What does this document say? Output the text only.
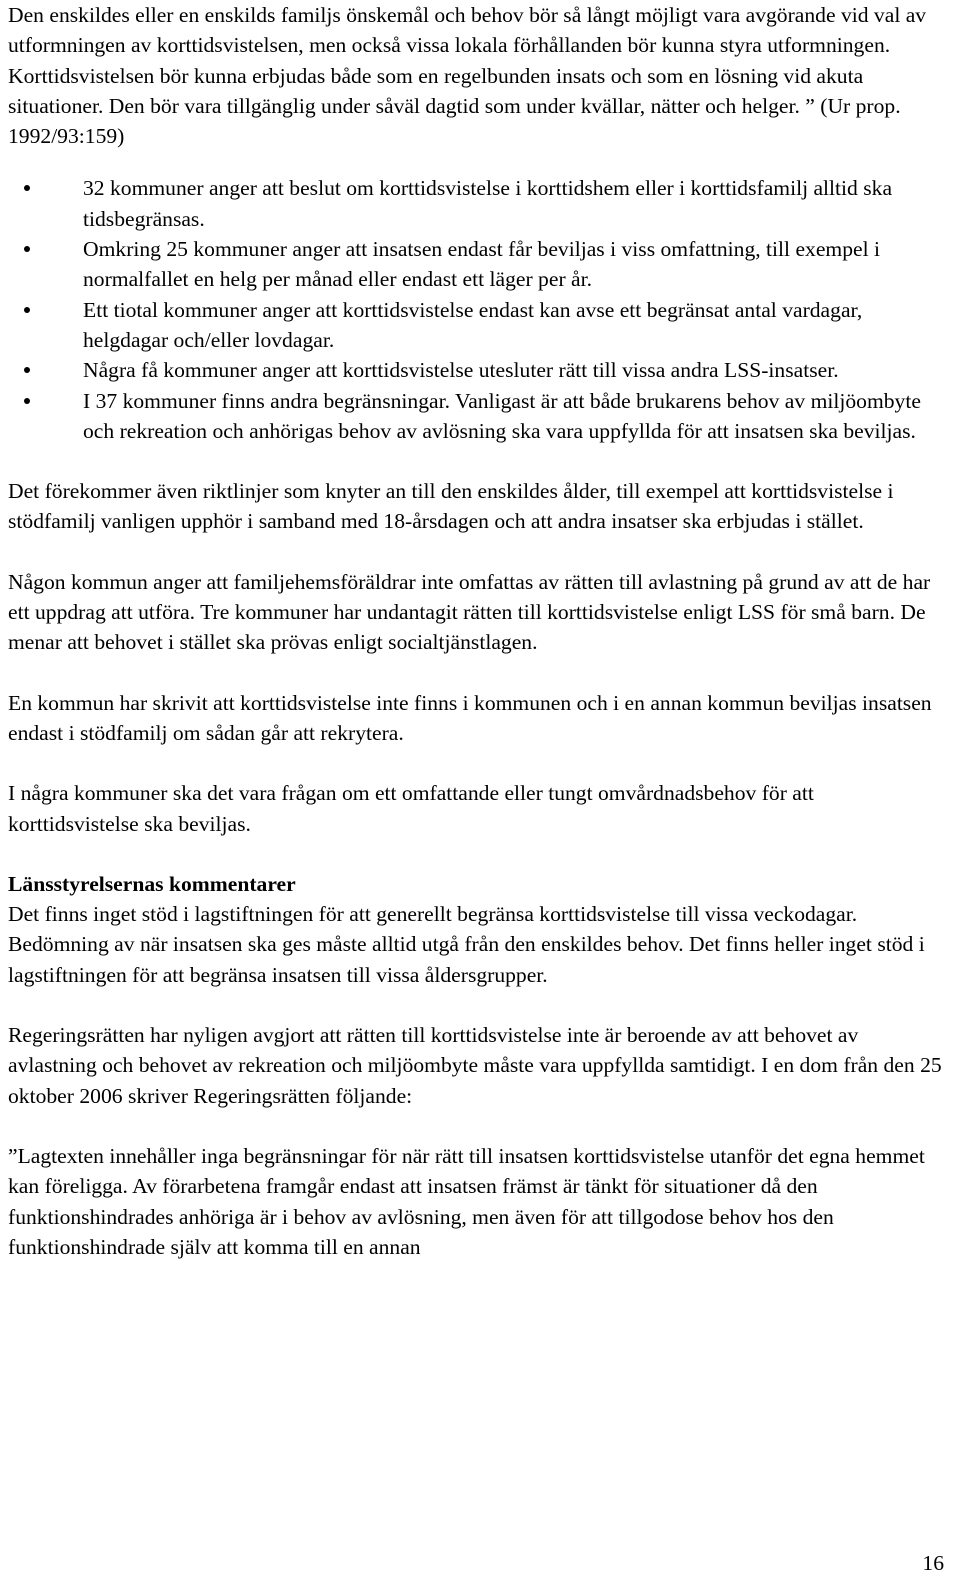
Den enskildes eller en enskilds familjs önskemål och behov bör så långt möjligt vara avgörande vid val av utformningen av korttidsvistelsen, men också vissa lokala förhållanden bör kunna styra utformningen. Korttidsvistelsen bör kunna erbjudas både som en regelbunden insats och som en lösning vid akuta situationer. Den bör vara tillgänglig under såväl dagtid som under kvällar, nätter och helger. ” (Ur prop. 1992/93:159)

32 kommuner anger att beslut om korttidsvistelse i korttidshem eller i korttidsfamilj alltid ska tidsbegränsas.
Omkring 25 kommuner anger att insatsen endast får beviljas i viss omfattning, till exempel i normalfallet en helg per månad eller endast ett läger per år.
Ett tiotal kommuner anger att korttidsvistelse endast kan avse ett begränsat antal vardagar, helgdagar och/eller lovdagar.
Några få kommuner anger att korttidsvistelse utesluter rätt till vissa andra LSS-insatser.
I 37 kommuner finns andra begränsningar. Vanligast är att både brukarens behov av miljöombyte och rekreation och anhörigas behov av avlösning ska vara uppfyllda för att insatsen ska beviljas.

Det förekommer även riktlinjer som knyter an till den enskildes ålder, till exempel att korttidsvistelse i stödfamilj vanligen upphör i samband med 18-årsdagen och att andra insatser ska erbjudas i stället.

Någon kommun anger att familjehemsföräldrar inte omfattas av rätten till avlastning på grund av att de har ett uppdrag att utföra. Tre kommuner har undantagit rätten till korttidsvistelse enligt LSS för små barn. De menar att behovet i stället ska prövas enligt socialtjänstlagen.

En kommun har skrivit att korttidsvistelse inte finns i kommunen och i en annan kommun beviljas insatsen endast i stödfamilj om sådan går att rekrytera.

I några kommuner ska det vara frågan om ett omfattande eller tungt omvårdnadsbehov för att korttidsvistelse ska beviljas.

Länsstyrelsernas kommentarer

Det finns inget stöd i lagstiftningen för att generellt begränsa korttidsvistelse till vissa veckodagar. Bedömning av när insatsen ska ges måste alltid utgå från den enskildes behov. Det finns heller inget stöd i lagstiftningen för att begränsa insatsen till vissa åldersgrupper.

Regeringsrätten har nyligen avgjort att rätten till korttidsvistelse inte är beroende av att behovet av avlastning och behovet av rekreation och miljöombyte måste vara uppfyllda samtidigt. I en dom från den 25 oktober 2006 skriver Regeringsrätten följande:

”Lagtexten innehåller inga begränsningar för när rätt till insatsen korttidsvistelse utanför det egna hemmet kan föreligga. Av förarbetena framgår endast att insatsen främst är tänkt för situationer då den funktionshindrades anhöriga är i behov av avlösning, men även för att tillgodose behov hos den funktionshindrade själv att komma till en annan

16
